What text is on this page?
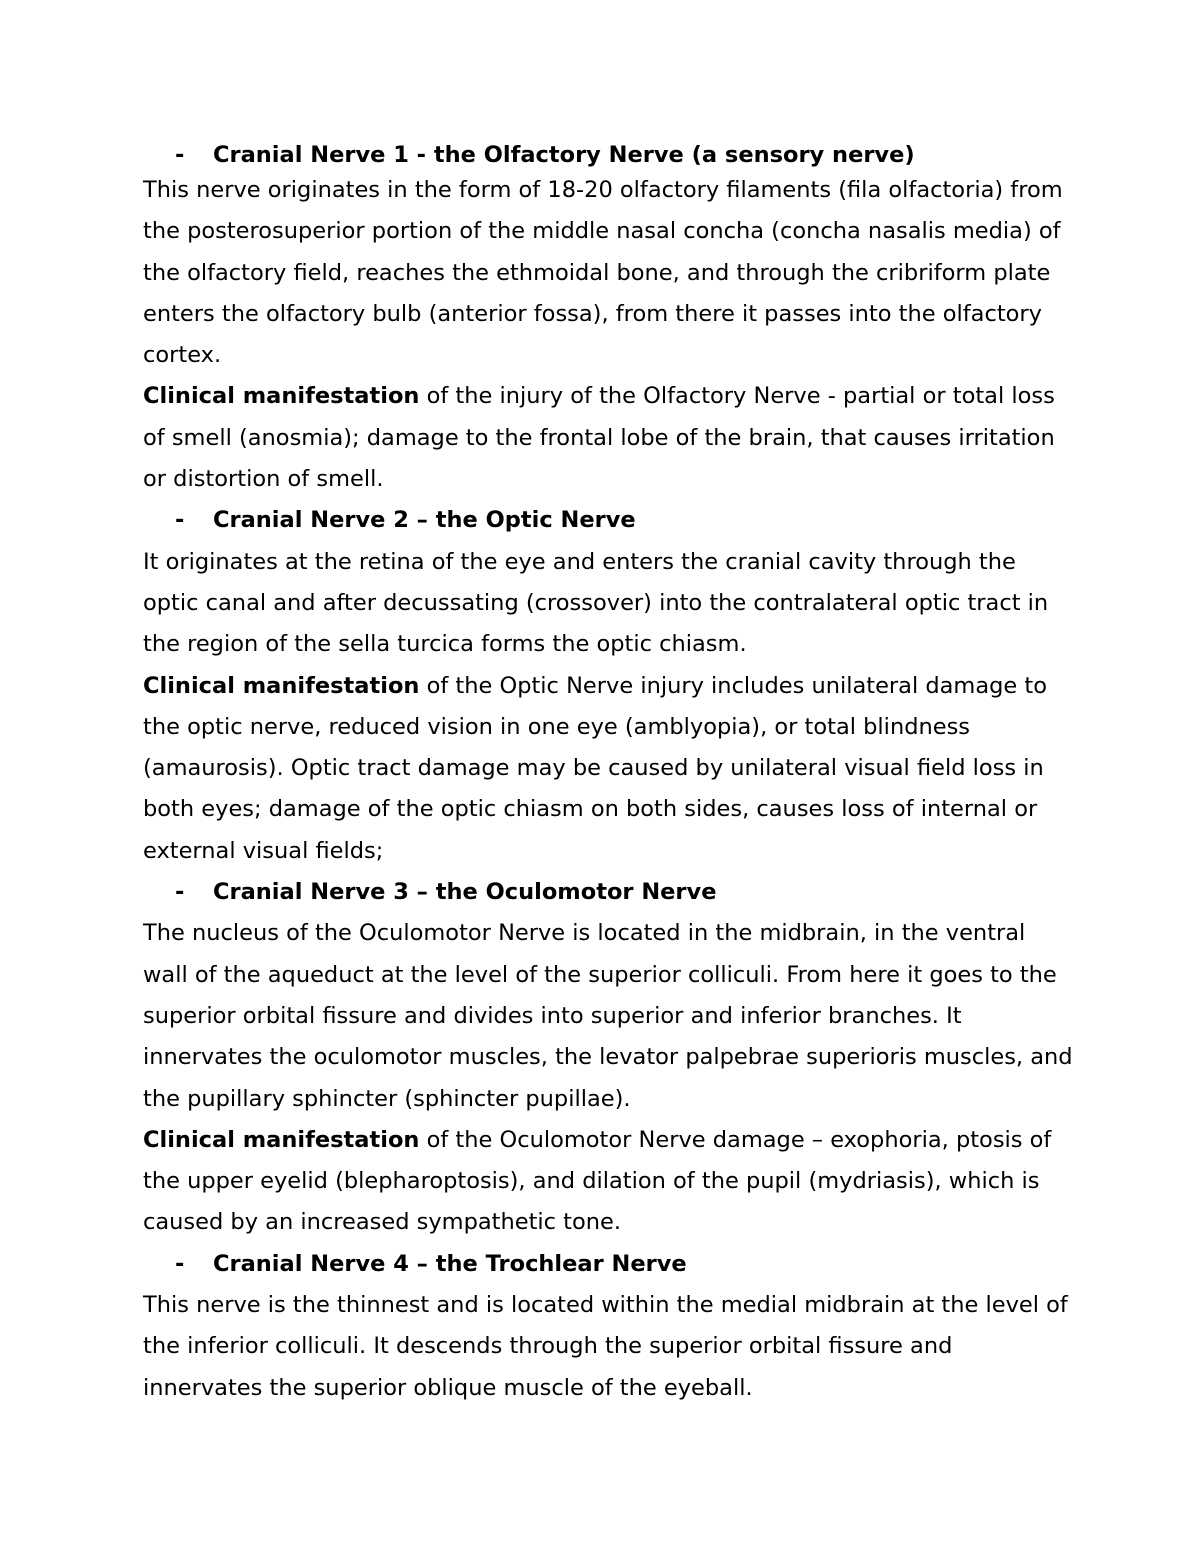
-	Cranial Nerve 1 - the Olfactory Nerve (a sensory nerve)

This nerve originates in the form of 18-20 olfactory filaments (fila olfactoria) from the posterosuperior portion of the middle nasal concha (concha nasalis media) of the olfactory field, reaches the ethmoidal bone, and through the cribriform plate enters the olfactory bulb (anterior fossa), from there it passes into the olfactory cortex.

Clinical manifestation of the injury of the Olfactory Nerve - partial or total loss of smell (anosmia); damage to the frontal lobe of the brain, that causes irritation or distortion of smell.

-	Cranial Nerve 2 – the Optic Nerve

It originates at the retina of the eye and enters the cranial cavity through the optic canal and after decussating (crossover) into the contralateral optic tract in the region of the sella turcica forms the optic chiasm.

Clinical manifestation of the Optic Nerve injury includes unilateral damage to the optic nerve, reduced vision in one eye (amblyopia), or total blindness (amaurosis). Optic tract damage may be caused by unilateral visual field loss in both eyes; damage of the optic chiasm on both sides, causes loss of internal or external visual fields;

-	Cranial Nerve 3 – the Oculomotor Nerve

The nucleus of the Oculomotor Nerve is located in the midbrain, in the ventral wall of the aqueduct at the level of the superior colliculi. From here it goes to the superior orbital fissure and divides into superior and inferior branches. It innervates the oculomotor muscles, the levator palpebrae superioris muscles, and the pupillary sphincter (sphincter pupillae).

Clinical manifestation of the Oculomotor Nerve damage – exophoria, ptosis of the upper eyelid (blepharoptosis), and dilation of the pupil (mydriasis), which is caused by an increased sympathetic tone.

-	Cranial Nerve 4 – the Trochlear Nerve

This nerve is the thinnest and is located within the medial midbrain at the level of the inferior colliculi. It descends through the superior orbital fissure and innervates the superior oblique muscle of the eyeball.
